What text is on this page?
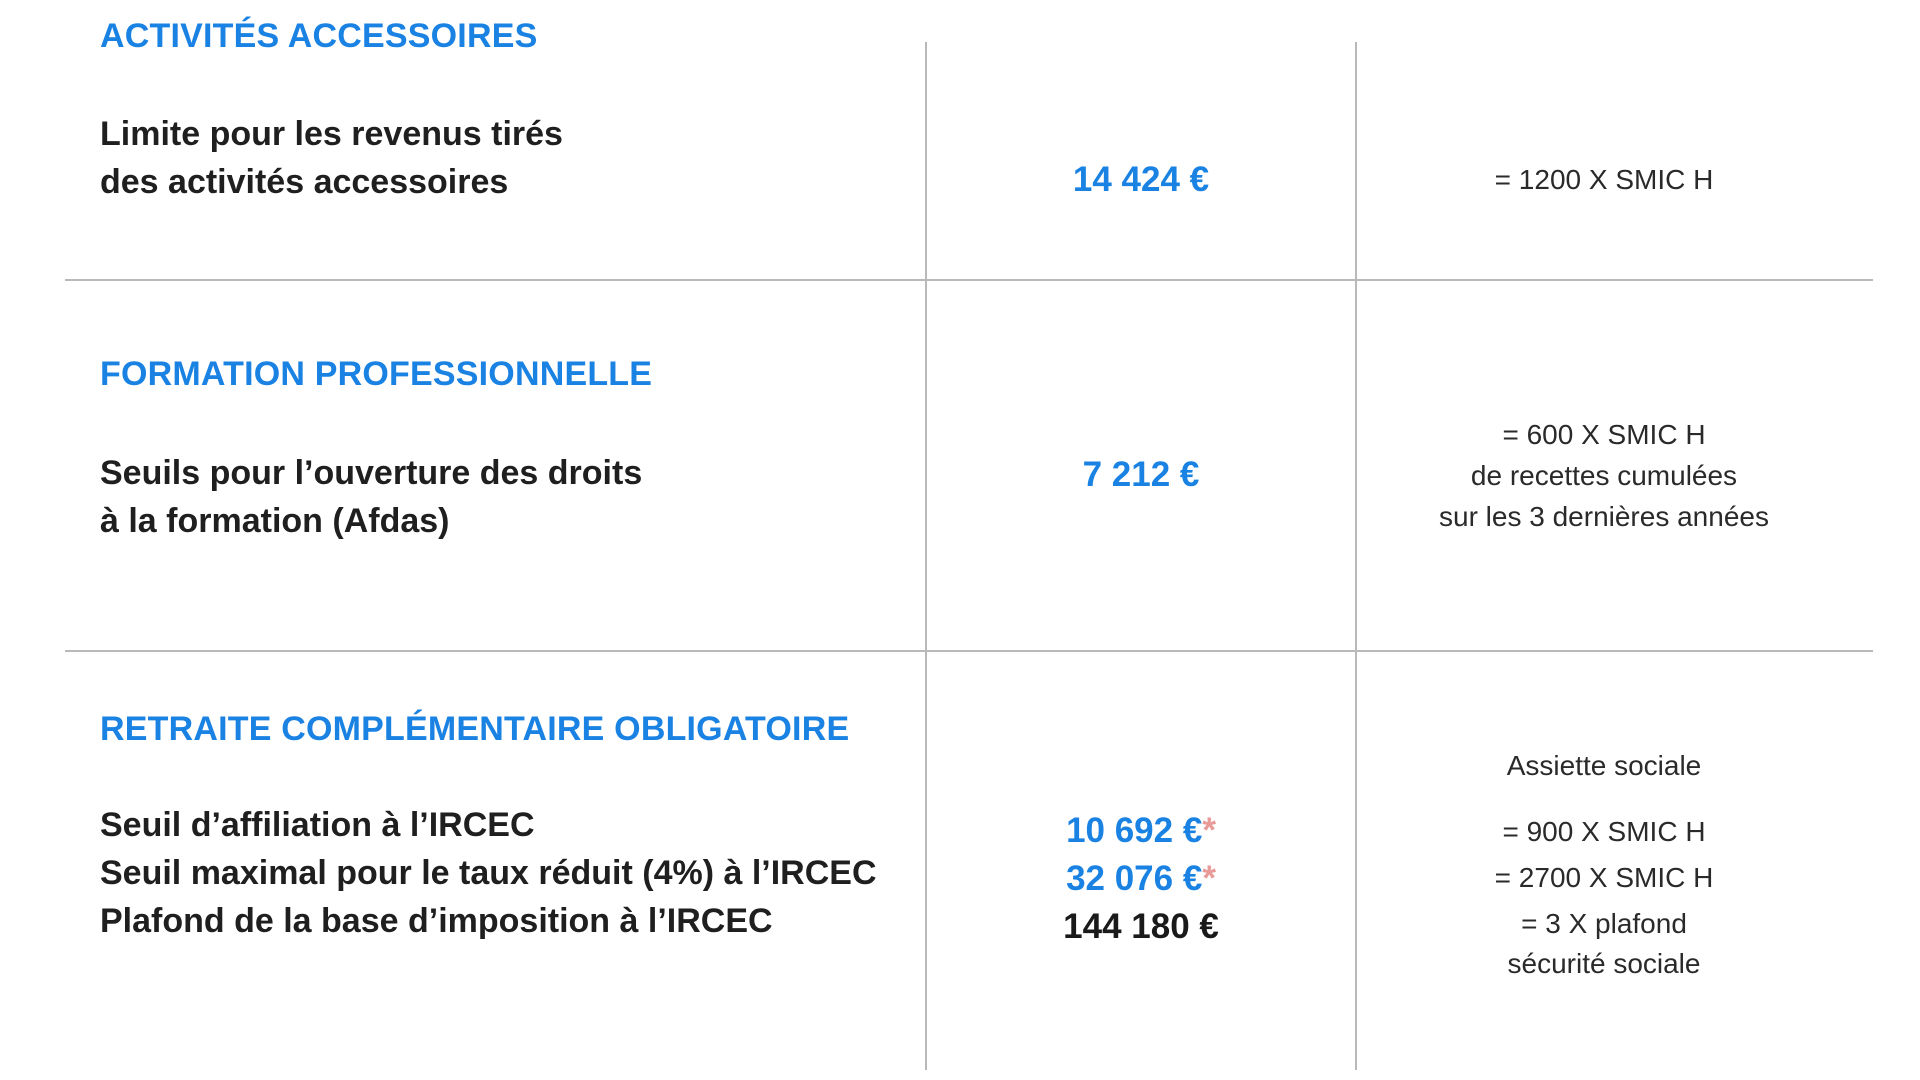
ACTIVITÉS ACCESSOIRES
Limite pour les revenus tirés
des activités accessoires	14 424 €	= 1200 X SMIC H
FORMATION PROFESSIONNELLE
Seuils pour l’ouverture des droits
à la formation (Afdas)
7 212 €
= 600 X SMIC H
de recettes cumulées
sur les 3 dernières années
RETRAITE COMPLÉMENTAIRE OBLIGATOIRE
Seuil d’affiliation à l’IRCEC
Seuil maximal pour le taux réduit (4%) à l’IRCEC
Plafond de la base d’imposition à l’IRCEC
10 692 €*
32 076 €*
144 180 €
Assiette sociale
= 900 X SMIC H
= 2700 X SMIC H
= 3 X plafond
sécurité sociale
